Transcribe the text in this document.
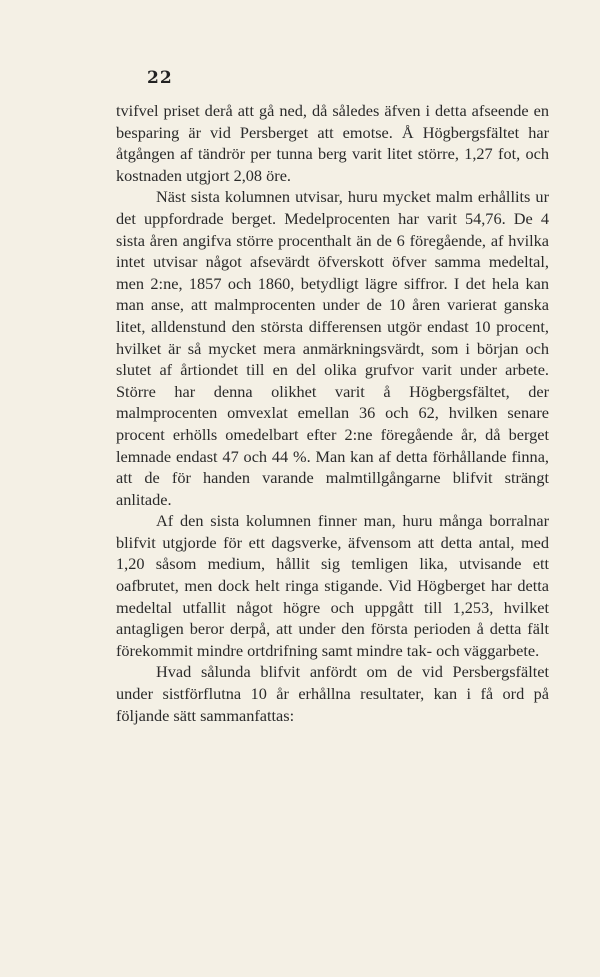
22

tvifvel priset derå att gå ned, då således äfven i detta afseende en besparing är vid Persberget att emotse. Å Högbergsfältet har åtgången af tändrör per tunna berg varit litet större, 1,27 fot, och kostnaden utgjort 2,08 öre.

Näst sista kolumnen utvisar, huru mycket malm erhållits ur det uppfordrade berget. Medelprocenten har varit 54,76. De 4 sista åren angifva större procenthalt än de 6 föregående, af hvilka intet utvisar något afsevärdt öfverskott öfver samma medeltal, men 2:ne, 1857 och 1860, betydligt lägre siffror. I det hela kan man anse, att malmprocenten under de 10 åren varierat ganska litet, alldenstund den största differensen utgör endast 10 procent, hvilket är så mycket mera anmärkningsvärdt, som i början och slutet af årtiondet till en del olika grufvor varit under arbete. Större har denna olikhet varit å Högbergsfältet, der malmprocenten omvexlat emellan 36 och 62, hvilken senare procent erhölls omedelbart efter 2:ne föregående år, då berget lemnade endast 47 och 44 %. Man kan af detta förhållande finna, att de för handen varande malmtillgångarne blifvit strängt anlitade.

Af den sista kolumnen finner man, huru många borralnar blifvit utgjorde för ett dagsverke, äfvensom att detta antal, med 1,20 såsom medium, hållit sig temligen lika, utvisande ett oafbrutet, men dock helt ringa stigande. Vid Högberget har detta medeltal utfallit något högre och uppgått till 1,253, hvilket antagligen beror derpå, att under den första perioden å detta fält förekommit mindre ortdrifning samt mindre tak- och väggarbete.

Hvad sålunda blifvit anfördt om de vid Persbergsfältet under sistförflutna 10 år erhållna resultater, kan i få ord på följande sätt sammanfattas:
